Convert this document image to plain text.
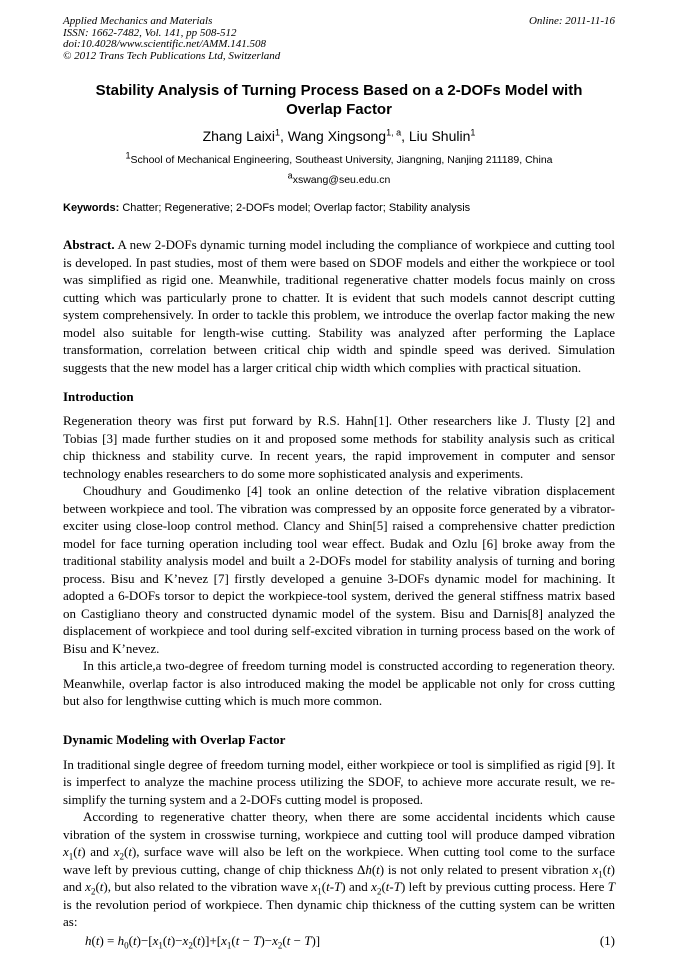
Applied Mechanics and Materials
ISSN: 1662-7482, Vol. 141, pp 508-512
doi:10.4028/www.scientific.net/AMM.141.508
© 2012 Trans Tech Publications Ltd, Switzerland
Online: 2011-11-16
Stability Analysis of Turning Process Based on a 2-DOFs Model with Overlap Factor
Zhang Laixi$^1$, Wang Xingsong$^{1, a}$, Liu Shulin$^1$
$^1$School of Mechanical Engineering, Southeast University, Jiangning, Nanjing 211189, China
$^a$xswang@seu.edu.cn
Keywords: Chatter; Regenerative; 2-DOFs model; Overlap factor; Stability analysis

Abstract. A new 2-DOFs dynamic turning model including the compliance of workpiece and cutting tool is developed. In past studies, most of them were based on SDOF models and either the workpiece or tool was simplified as rigid one. Meanwhile, traditional regenerative chatter models focus mainly on cross cutting which was particularly prone to chatter. It is evident that such models cannot descript cutting system comprehensively. In order to tackle this problem, we introduce the overlap factor making the new model also suitable for length-wise cutting. Stability was analyzed after performing the Laplace transformation, correlation between critical chip width and spindle speed was derived. Simulation suggests that the new model has a larger critical chip width which complies with practical situation.

Introduction

Regeneration theory was first put forward by R.S. Hahn[1]. Other researchers like J. Tlusty [2] and Tobias [3] made further studies on it and proposed some methods for stability analysis such as critical chip thickness and stability curve. In recent years, the rapid improvement in computer and sensor technology enables researchers to do some more sophisticated analysis and experiments.

Choudhury and Goudimenko [4] took an online detection of the relative vibration displacement between workpiece and tool. The vibration was compressed by an opposite force generated by a vibrator-exciter using close-loop control method. Clancy and Shin[5] raised a comprehensive chatter prediction model for face turning operation including tool wear effect. Budak and Ozlu [6] broke away from the traditional stability analysis model and built a 2-DOFs model for stability analysis of turning and boring process. Bisu and K’nevez [7] firstly developed a genuine 3-DOFs dynamic model for machining. It adopted a 6-DOFs torsor to depict the workpiece-tool system, derived the general stiffness matrix based on Castigliano theory and constructed dynamic model of the system. Bisu and Darnis[8] analyzed the displacement of workpiece and tool during self-excited vibration in turning process based on the work of Bisu and K’nevez.

In this article,a two-degree of freedom turning model is constructed according to regeneration theory. Meanwhile, overlap factor is also introduced making the model be applicable not only for cross cutting but also for lengthwise cutting which is much more common.

Dynamic Modeling with Overlap Factor

In traditional single degree of freedom turning model, either workpiece or tool is simplified as rigid [9]. It is imperfect to analyze the machine process utilizing the SDOF, to achieve more accurate result, we re-simplify the turning system and a 2-DOFs cutting model is proposed.

According to regenerative chatter theory, when there are some accidental incidents which cause vibration of the system in crosswise turning, workpiece and cutting tool will produce damped vibration $x_1(t)$ and $x_2(t)$, surface wave will also be left on the workpiece. When cutting tool come to the surface wave left by previous cutting, change of chip thickness Δh(t) is not only related to present vibration $x_1(t)$ and $x_2(t)$, but also related to the vibration wave $x_1(t-T)$ and $x_2(t-T)$ left by previous cutting process. Here T is the revolution period of workpiece. Then dynamic chip thickness of the cutting system can be written as:

$h(t) = h_0(t)-[x_1(t)-x_2(t)]+[x_1(t - T)-x_2(t - T)]$	(1)
